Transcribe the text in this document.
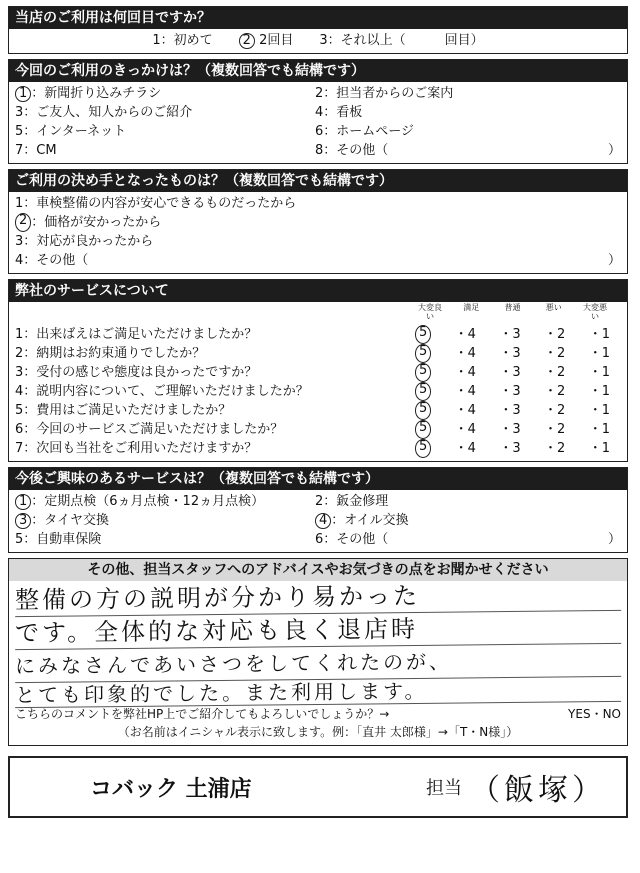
当店のご利用は何回目ですか？
1：初めて	2 2回目 3：それ以上（　　　回目）
今回のご利用のきっかけは？（複数回答でも結構です）
1 ：新聞折り込みチラシ	2：担当者からのご案内
3：ご友人、知人からのご紹介	4：看板
5：インターネット	6：ホームページ
7：CM	8：その他（	）
ご利用の決め手となったものは？（複数回答でも結構です）
1 ：車検整備の内容が安心できるものだったから
2 ：価格が安かったから
3 ：対応が良かったから
4 ：その他（	）
弊社のサービスについて
大変良い
満足	普通	悪い	大変悪い
1：出来ばえはご満足いただけましたか？	5	・4 ・3 ・2 ・1
2：納期はお約束通りでしたか？	5	・4 ・3 ・2 ・1
3：受付の感じや態度は良かったですか？	5	・4 ・3 ・2 ・1
4：説明内容について、ご理解いただけましたか？	5	・4 ・3 ・2 ・1
5：費用はご満足いただけましたか？	5	・4 ・3 ・2 ・1
6：今回のサービスご満足いただけましたか？	5	・4 ・3 ・2 ・1
7：次回も当社をご利用いただけますか？	5	・4 ・3 ・2 ・1
今後ご興味のあるサービスは？（複数回答でも結構です）
1 ：定期点検（6ヵ月点検・12ヵ月点検）	2：鈑金修理
3 ：タイヤ交換	4 ：オイル交換
5：自動車保険	6：その他（	）
その他、担当スタッフへのアドバイスやお気づきの点をお聞かせください
整備の方の説明が分かり易かった
です。全体的な対応も良く退店時
にみなさんであいさつをしてくれたのが、
とても印象的でした。また利用します。
こちらのコメントを弊社HP上でご紹介してもよろしいでしょうか？→	YES・NO
（お名前はイニシャル表示に致します。例：「直井 太郎様」→「T・N様」）
コバック 土浦店	担当 （飯塚）
